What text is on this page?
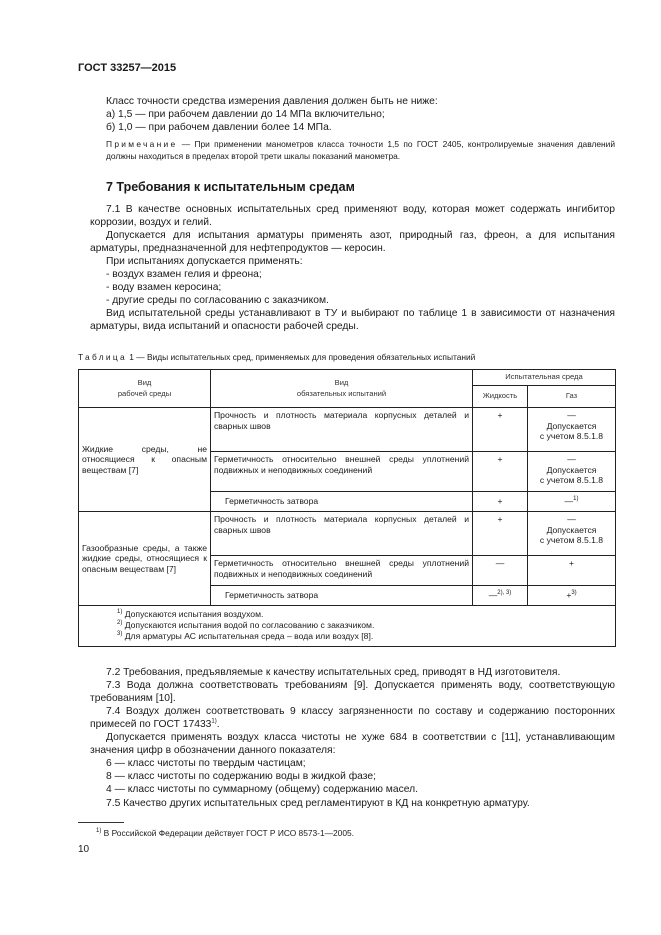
ГОСТ 33257—2015
Класс точности средства измерения давления должен быть не ниже:
а) 1,5 — при рабочем давлении до 14 МПа включительно;
б) 1,0 — при рабочем давлении более 14 МПа.
Примечание — При применении манометров класса точности 1,5 по ГОСТ 2405, контролируемые значения давлений должны находиться в пределах второй трети шкалы показаний манометра.
7 Требования к испытательным средам
7.1 В качестве основных испытательных сред применяют воду, которая может содержать ингибитор коррозии, воздух и гелий.
Допускается для испытания арматуры применять азот, природный газ, фреон, а для испытания арматуры, предназначенной для нефтепродуктов — керосин.
При испытаниях допускается применять:
- воздух взамен гелия и фреона;
- воду взамен керосина;
- другие среды по согласованию с заказчиком.
Вид испытательной среды устанавливают в ТУ и выбирают по таблице 1 в зависимости от назначения арматуры, вида испытаний и опасности рабочей среды.
Таблица 1 — Виды испытательных сред, применяемых для проведения обязательных испытаний
Вид
рабочей среды	Вид
обязательных испытаний	Испытательная среда	
		Жидкость	Газ
Жидкие среды, не относящиеся к опасным веществам [7]	Прочность и плотность материала корпусных деталей и сварных швов	+	—
Допускается
с учетом 8.5.1.8
	Герметичность относительно внешней среды уплотнений подвижных и неподвижных соединений	+	—
Допускается
с учетом 8.5.1.8
	Герметичность затвора	+	—$^{1)}$
Газообразные среды, а также жидкие среды, относящиеся к опасным веществам [7]	Прочность и плотность материала корпусных деталей и сварных швов	+	—
Допускается
с учетом 8.5.1.8
	Герметичность относительно внешней среды уплотнений подвижных и неподвижных соединений	—	+
	Герметичность затвора	—$^{2), 3)}$	+$^{3)}$

$^{1)}$ Допускаются испытания воздухом.
$^{2)}$ Допускаются испытания водой по согласованию с заказчиком.
$^{3)}$ Для арматуры АС испытательная среда – вода или воздух [8].			
7.2 Требования, предъявляемые к качеству испытательных сред, приводят в НД изготовителя.
7.3 Вода должна соответствовать требованиям [9]. Допускается применять воду, соответствующую требованиям [10].
7.4 Воздух должен соответствовать 9 классу загрязненности по составу и содержанию посторонних примесей по ГОСТ 17433$^{1)}$.
Допускается применять воздух класса чистоты не хуже 684 в соответствии с [11], устанавливающим значения цифр в обозначении данного показателя:
6 — класс чистоты по твердым частицам;
8 — класс чистоты по содержанию воды в жидкой фазе;
4 — класс чистоты по суммарному (общему) содержанию масел.
7.5 Качество других испытательных сред регламентируют в КД на конкретную арматуру.
$^{1)}$ В Российской Федерации действует ГОСТ Р ИСО 8573-1—2005.
10
